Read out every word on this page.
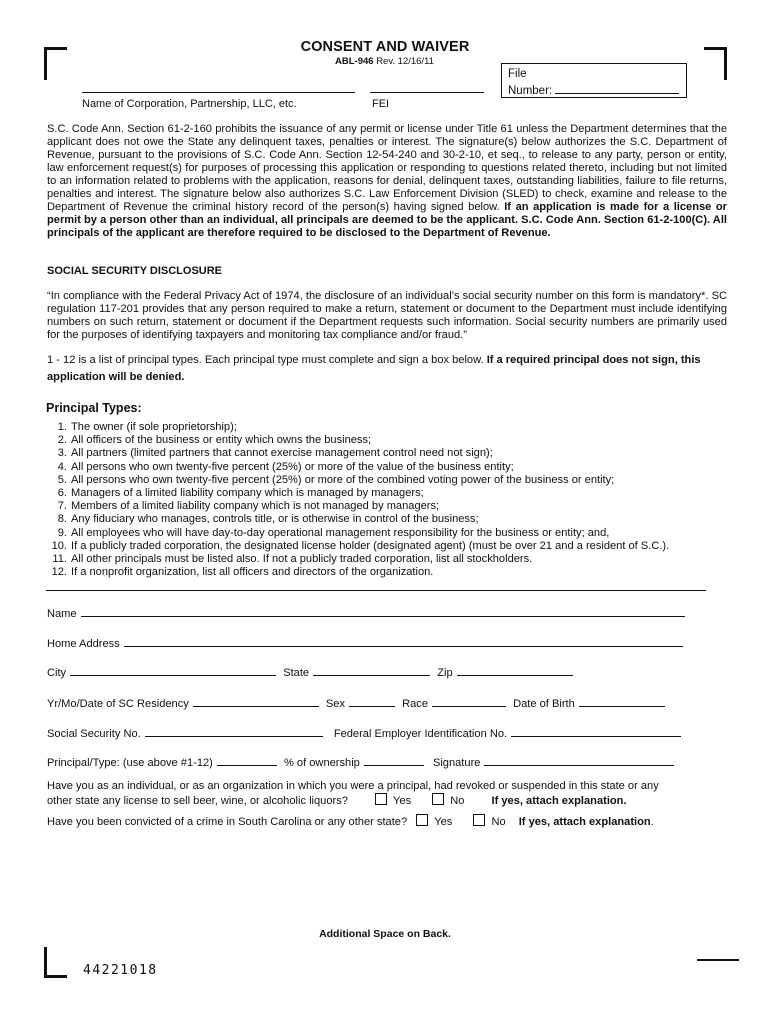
CONSENT AND WAIVER
ABL-946 Rev. 12/16/11
File
Number:
Name of Corporation, Partnership, LLC, etc.	FEI
S.C. Code Ann. Section 61-2-160 prohibits the issuance of any permit or license under Title 61 unless the Department determines that the applicant does not owe the State any delinquent taxes, penalties or interest. The signature(s) below authorizes the S.C. Department of Revenue, pursuant to the provisions of S.C. Code Ann. Section 12-54-240 and 30-2-10, et seq., to release to any party, person or entity, law enforcement request(s) for purposes of processing this application or responding to questions related thereto, including but not limited to an information related to problems with the application, reasons for denial, delinquent taxes, outstanding liabilities, failure to file returns, penalties and interest. The signature below also authorizes S.C. Law Enforcement Division (SLED) to check, examine and release to the Department of Revenue the criminal history record of the person(s) having signed below. If an application is made for a license or permit by a person other than an individual, all principals are deemed to be the applicant. S.C. Code Ann. Section 61-2-100(C). All principals of the applicant are therefore required to be disclosed to the Department of Revenue.
SOCIAL SECURITY DISCLOSURE
“In compliance with the Federal Privacy Act of 1974, the disclosure of an individual’s social security number on this form is mandatory*. SC regulation 117-201 provides that any person required to make a return, statement or document to the Department must include identifying numbers on such return, statement or document if the Department requests such information. Social security numbers are primarily used for the purposes of identifying taxpayers and monitoring tax compliance and/or fraud.”
1 - 12 is a list of principal types. Each principal type must complete and sign a box below. If a required principal does not sign, this application will be denied.
Principal Types:
1. The owner (if sole proprietorship);
2. All officers of the business or entity which owns the business;
3. All partners (limited partners that cannot exercise management control need not sign);
4. All persons who own twenty-five percent (25%) or more of the value of the business entity;
5. All persons who own twenty-five percent (25%) or more of the combined voting power of the business or entity;
6. Managers of a limited liability company which is managed by managers;
7. Members of a limited liability company which is not managed by managers;
8. Any fiduciary who manages, controls title, or is otherwise in control of the business;
9. All employees who will have day-to-day operational management responsibility for the business or entity; and,
10. If a publicly traded corporation, the designated license holder (designated agent) (must be over 21 and a resident of S.C.).
11. All other principals must be listed also. If not a publicly traded corporation, list all stockholders.
12. If a nonprofit organization, list all officers and directors of the organization.
Name
Home Address
City	State	Zip
Yr/Mo/Date of SC Residency	Sex	Race	Date of Birth
Social Security No.	Federal Employer Identification No.
Principal/Type: (use above #1-12)	% of ownership	Signature
Have you as an individual, or as an organization in which you were a principal, had revoked or suspended in this state or any
other state any license to sell beer, wine, or alcoholic liquors?	Yes	No If yes, attach explanation.
Have you been convicted of a crime in South Carolina or any other state? Yes	No If yes, attach explanation.
Additional Space on Back.
44221018
